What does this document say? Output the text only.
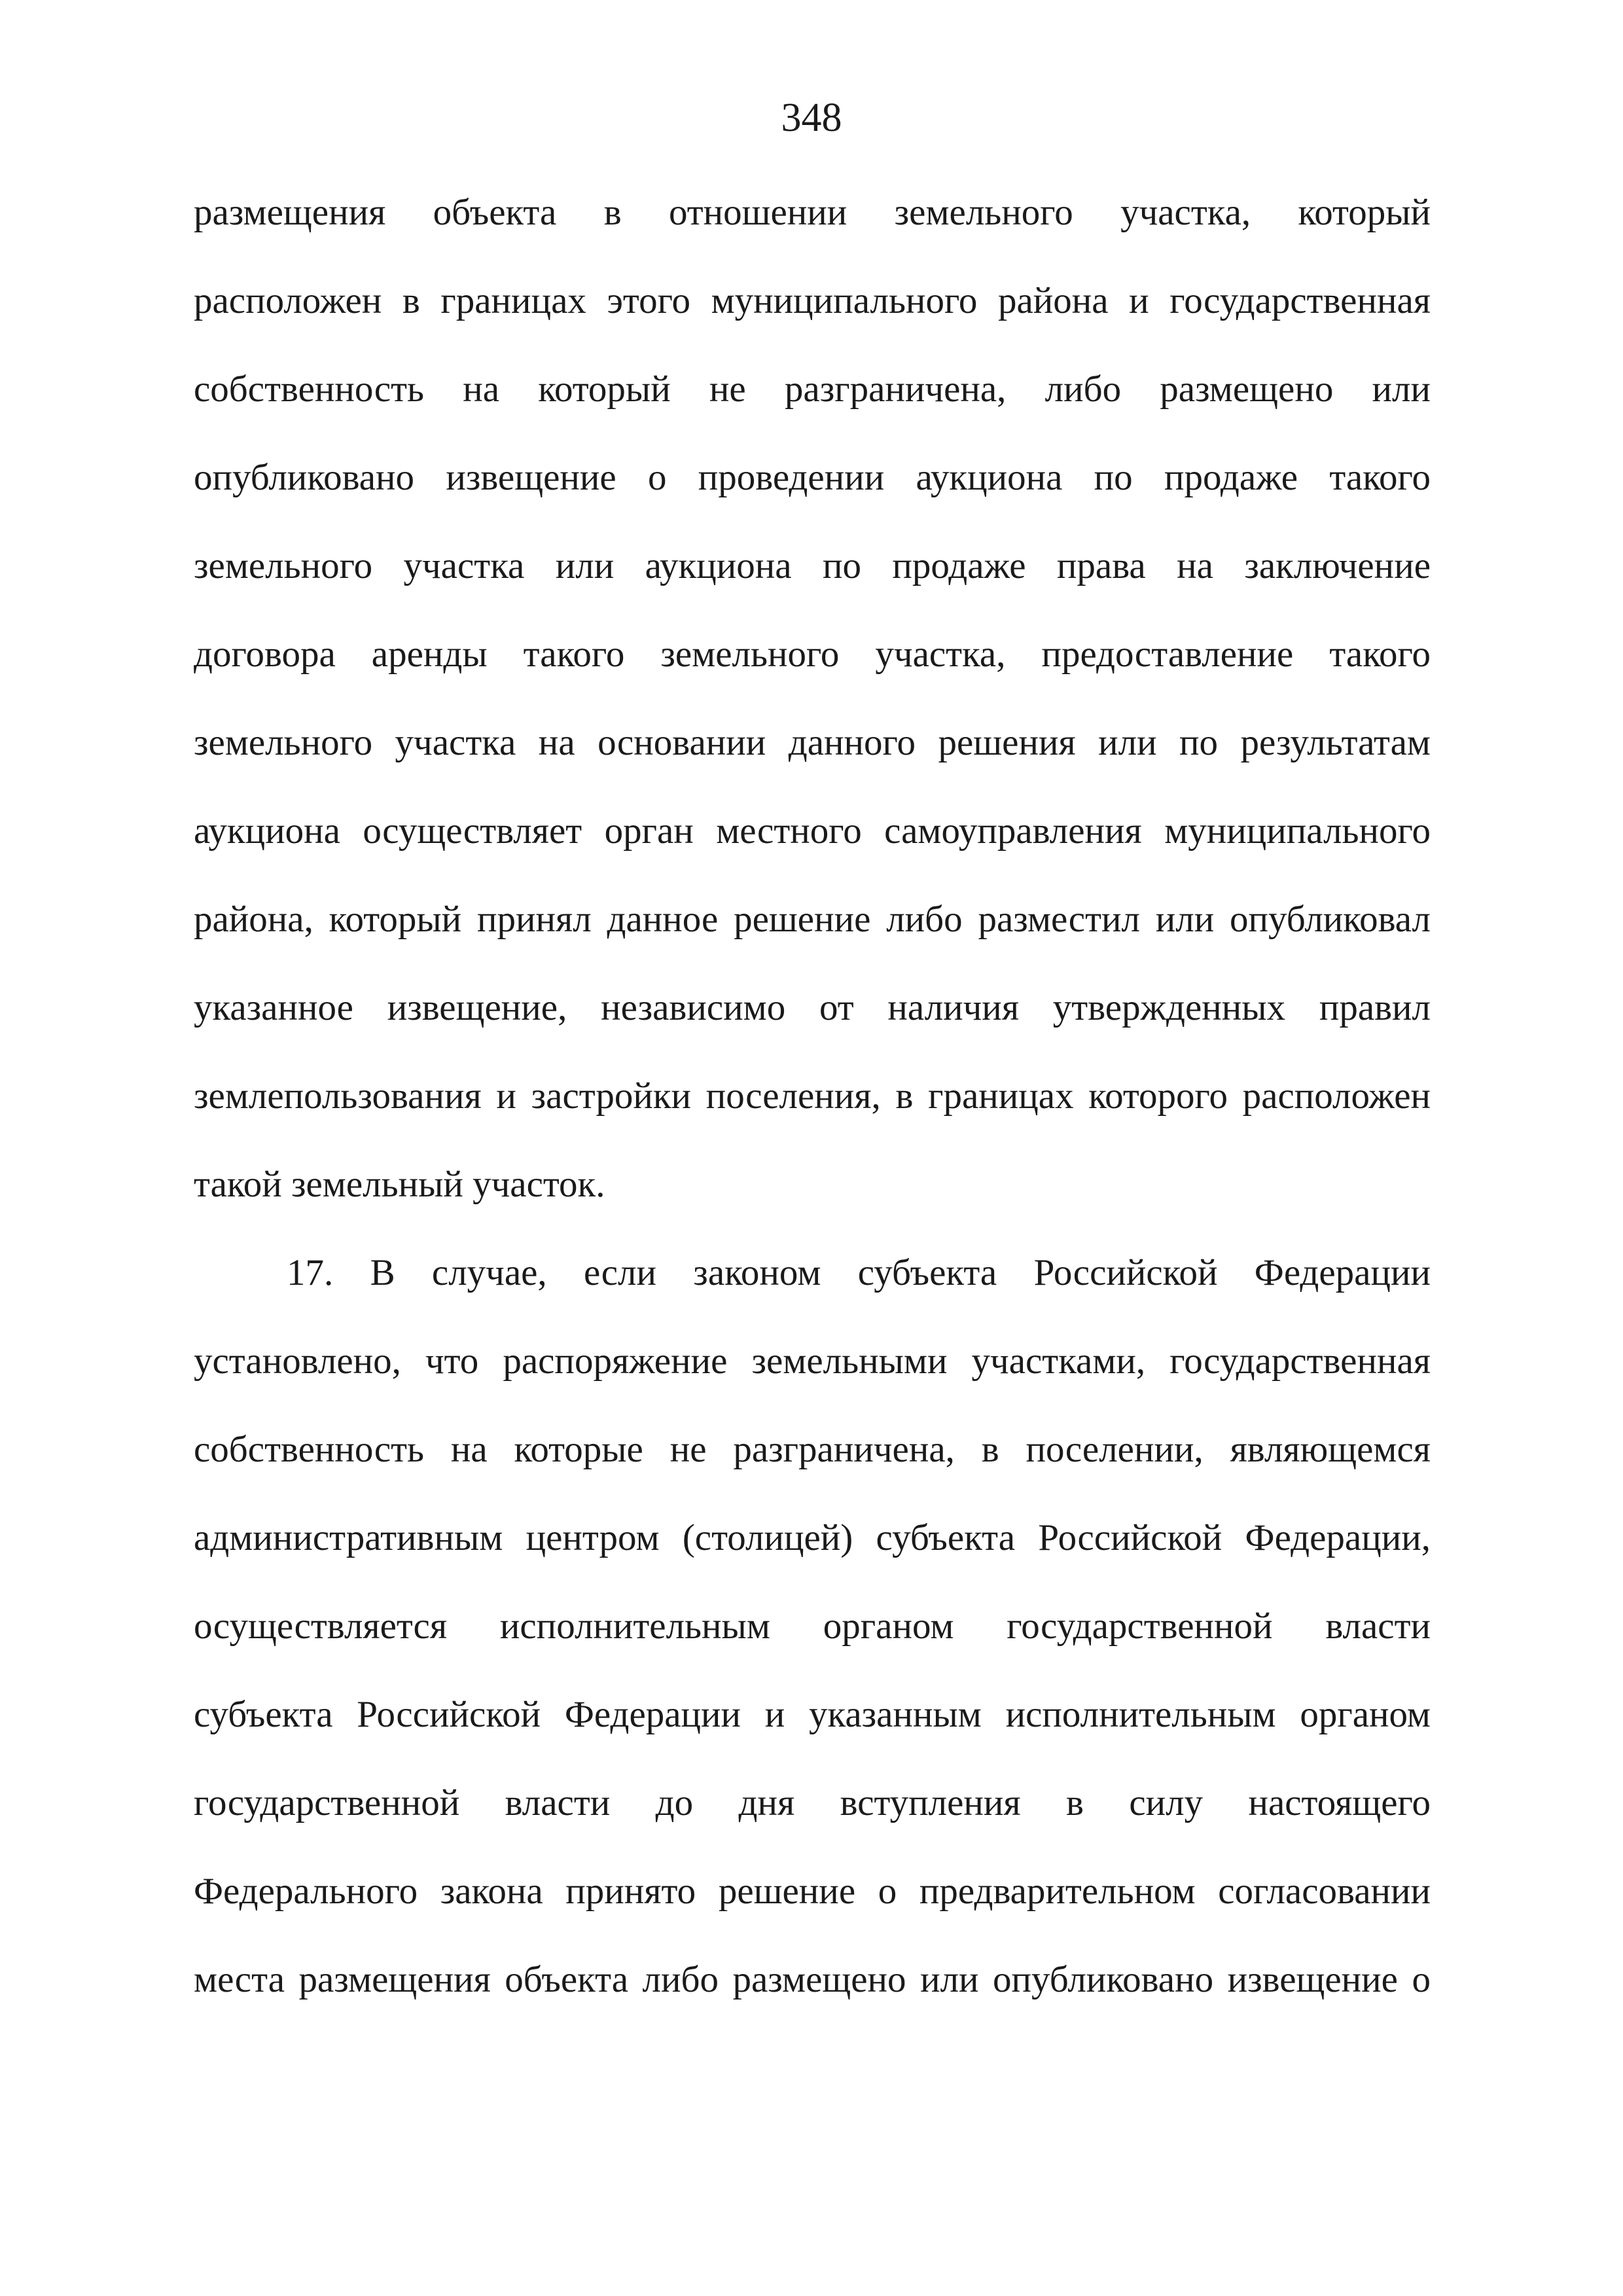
348
размещения объекта в отношении земельного участка, который
расположен в границах этого муниципального района и государственная
собственность на который не разграничена, либо размещено или
опубликовано извещение о проведении аукциона по продаже такого
земельного участка или аукциона по продаже права на заключение
договора аренды такого земельного участка, предоставление такого
земельного участка на основании данного решения или по результатам
аукциона осуществляет орган местного самоуправления муниципального
района, который принял данное решение либо разместил или опубликовал
указанное извещение, независимо от наличия утвержденных правил
землепользования и застройки поселения, в границах которого расположен
такой земельный участок.
17. В случае, если законом субъекта Российской Федерации
установлено, что распоряжение земельными участками, государственная
собственность на которые не разграничена, в поселении, являющемся
административным центром (столицей) субъекта Российской Федерации,
осуществляется исполнительным органом государственной власти
субъекта Российской Федерации и указанным исполнительным органом
государственной власти до дня вступления в силу настоящего
Федерального закона принято решение о предварительном согласовании
места размещения объекта либо размещено или опубликовано извещение о
